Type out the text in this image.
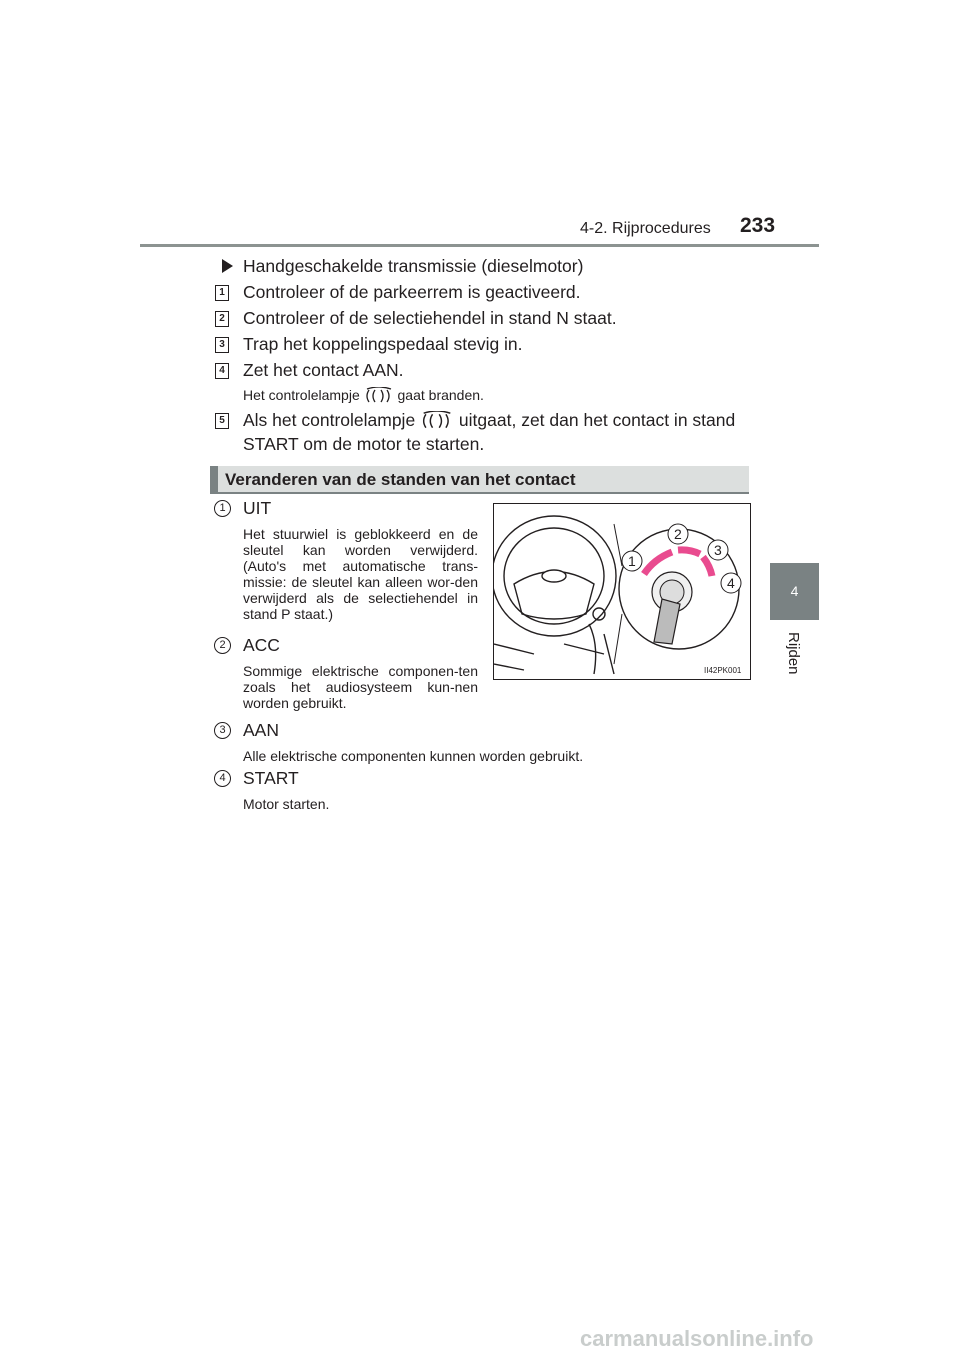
4-2. Rijprocedures 233
4
Rijden
Handgeschakelde transmissie (dieselmotor)
1 Controleer of de parkeerrem is geactiveerd.
2 Controleer of de selectiehendel in stand N staat.
3 Trap het koppelingspedaal stevig in.
4 Zet het contact AAN.
Het controlelampje	gaat branden.
5 Als het controlelampje	uitgaat, zet dan het contact in stand
START om de motor te starten.
Veranderen van de standen van het contact
1 UIT
Het stuurwiel is geblokkeerd en de sleutel kan worden verwijderd. (Auto's met automatische trans-missie: de sleutel kan alleen wor-den verwijderd als de selectiehendel in stand P staat.)
2 ACC
Sommige elektrische componen-ten zoals het audiosysteem kun-nen worden gebruikt.
3 AAN
Alle elektrische componenten kunnen worden gebruikt.
4 START
Motor starten.
1
2
3
4
II42PK001
carmanualsonline.info
